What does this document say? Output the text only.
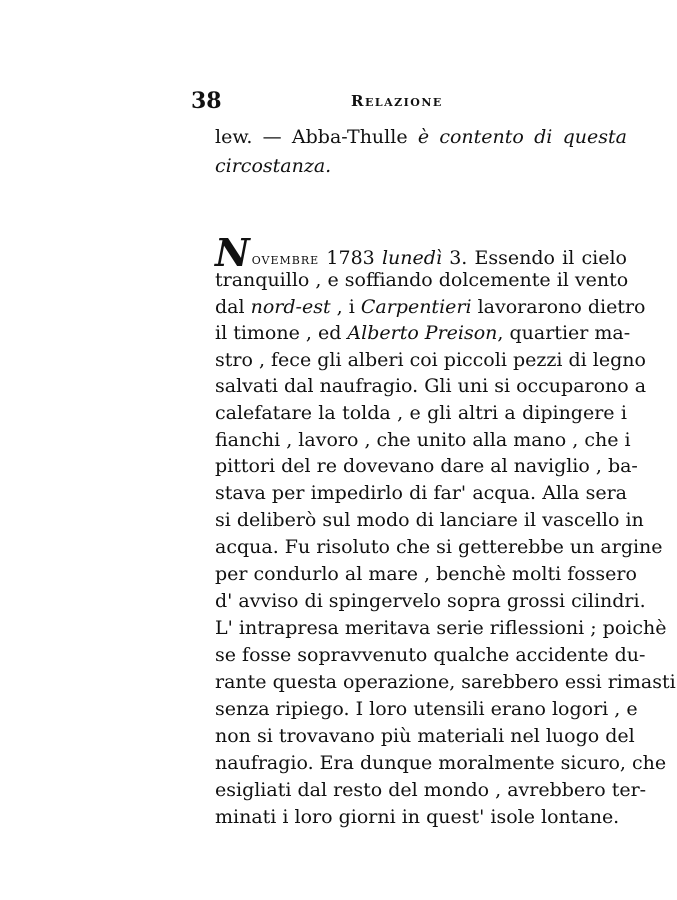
38	Relazione
lew. — Abba-Thulle è contento di questa
circostanza.
Novembre 1783 lunedì 3. Essendo il cielo
tranquillo , e soffiando dolcemente il vento
dal nord-est , i Carpentieri lavorarono dietro
il timone , ed Alberto Preison, quartier ma-
stro , fece gli alberi coi piccoli pezzi di legno
salvati dal naufragio. Gli uni si occuparono a
calefatare la tolda , e gli altri a dipingere i
fianchi , lavoro , che unito alla mano , che i
pittori del re dovevano dare al naviglio , ba-
stava per impedirlo di far' acqua. Alla sera
si deliberò sul modo di lanciare il vascello in
acqua. Fu risoluto che si getterebbe un argine
per condurlo al mare , benchè molti fossero
d' avviso di spingervelo sopra grossi cilindri.
L' intrapresa meritava serie riflessioni ; poichè
se fosse sopravvenuto qualche accidente du-
rante questa operazione, sarebbero essi rimasti
senza ripiego. I loro utensili erano logori , e
non si trovavano più materiali nel luogo del
naufragio. Era dunque moralmente sicuro, che
esigliati dal resto del mondo , avrebbero ter-
minati i loro giorni in quest' isole lontane.
